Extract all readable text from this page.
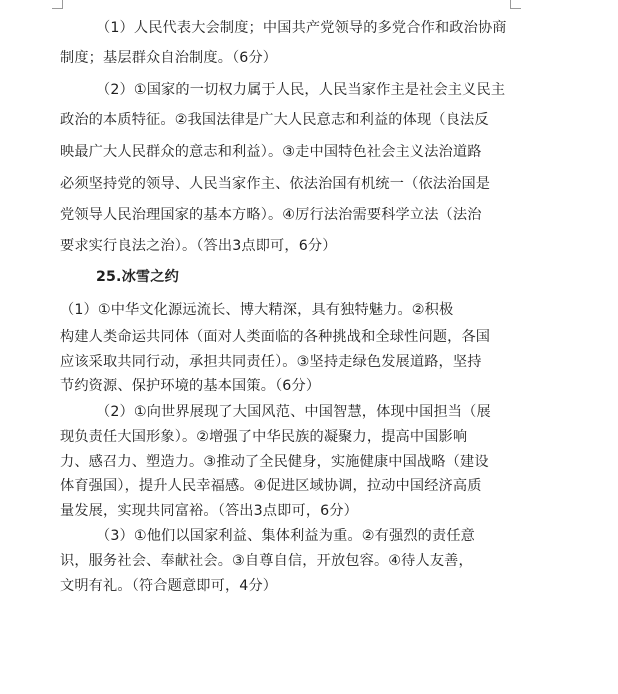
（1）人民代表大会制度；中国共产党领导的多党合作和政治协商
制度；基层群众自治制度。（6分）
（2）①国家的一切权力属于人民，人民当家作主是社会主义民主
政治的本质特征。②我国法律是广大人民意志和利益的体现（良法反
映最广大人民群众的意志和利益）。③走中国特色社会主义法治道路
必须坚持党的领导、人民当家作主、依法治国有机统一（依法治国是
党领导人民治理国家的基本方略）。④厉行法治需要科学立法（法治
要求实行良法之治）。（答出3点即可，6分）
25.冰雪之约
（1）①中华文化源远流长、博大精深，具有独特魅力。②积极
构建人类命运共同体（面对人类面临的各种挑战和全球性问题，各国
应该采取共同行动，承担共同责任）。③坚持走绿色发展道路，坚持
节约资源、保护环境的基本国策。（6分）
（2）①向世界展现了大国风范、中国智慧，体现中国担当（展
现负责任大国形象）。②增强了中华民族的凝聚力，提高中国影响
力、感召力、塑造力。③推动了全民健身，实施健康中国战略（建设
体育强国），提升人民幸福感。④促进区域协调，拉动中国经济高质
量发展，实现共同富裕。（答出3点即可，6分）
（3）①他们以国家利益、集体利益为重。②有强烈的责任意
识，服务社会、奉献社会。③自尊自信，开放包容。④待人友善，
文明有礼。（符合题意即可，4分）
